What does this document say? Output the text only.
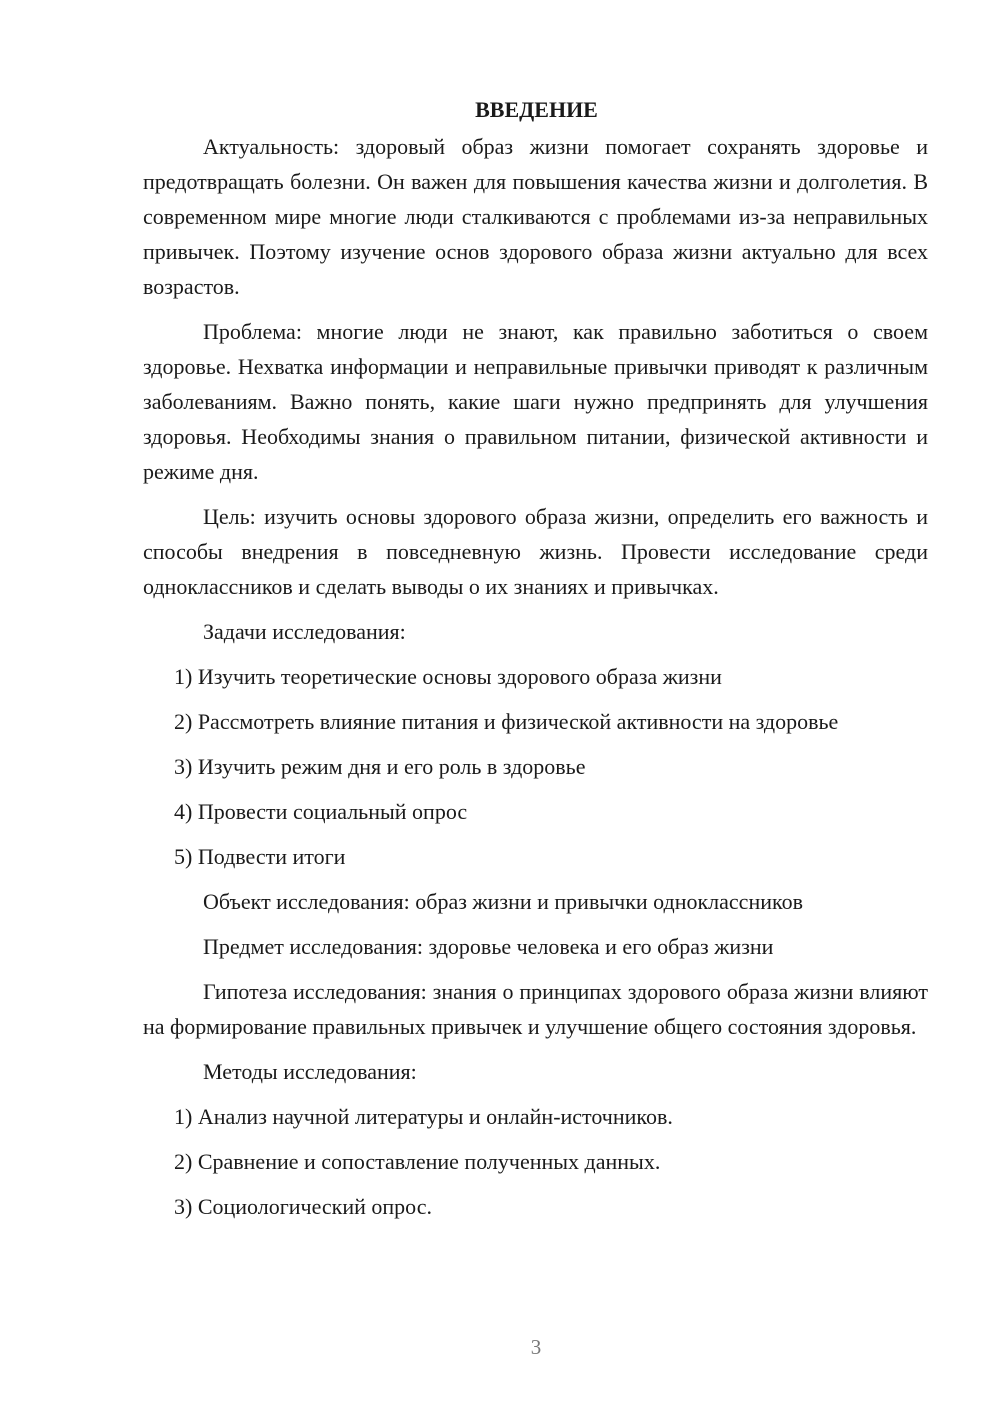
ВВЕДЕНИЕ

Актуальность: здоровый образ жизни помогает сохранять здоровье и предотвращать болезни. Он важен для повышения качества жизни и долголетия. В современном мире многие люди сталкиваются с проблемами из-за неправильных привычек. Поэтому изучение основ здорового образа жизни актуально для всех возрастов.

Проблема: многие люди не знают, как правильно заботиться о своем здоровье. Нехватка информации и неправильные привычки приводят к различным заболеваниям. Важно понять, какие шаги нужно предпринять для улучшения здоровья. Необходимы знания о правильном питании, физической активности и режиме дня.

Цель: изучить основы здорового образа жизни, определить его важность и способы внедрения в повседневную жизнь. Провести исследование среди одноклассников и сделать выводы о их знаниях и привычках.

Задачи исследования:
1) Изучить теоретические основы здорового образа жизни
2) Рассмотреть влияние питания и физической активности на здоровье
3) Изучить режим дня и его роль в здоровье
4) Провести социальный опрос
5) Подвести итоги
Объект исследования: образ жизни и привычки одноклассников
Предмет исследования: здоровье человека и его образ жизни

Гипотеза исследования: знания о принципах здорового образа жизни влияют на формирование правильных привычек и улучшение общего состояния здоровья.

Методы исследования:
1) Анализ научной литературы и онлайн-источников.
2) Сравнение и сопоставление полученных данных.
3) Социологический опрос.
3
